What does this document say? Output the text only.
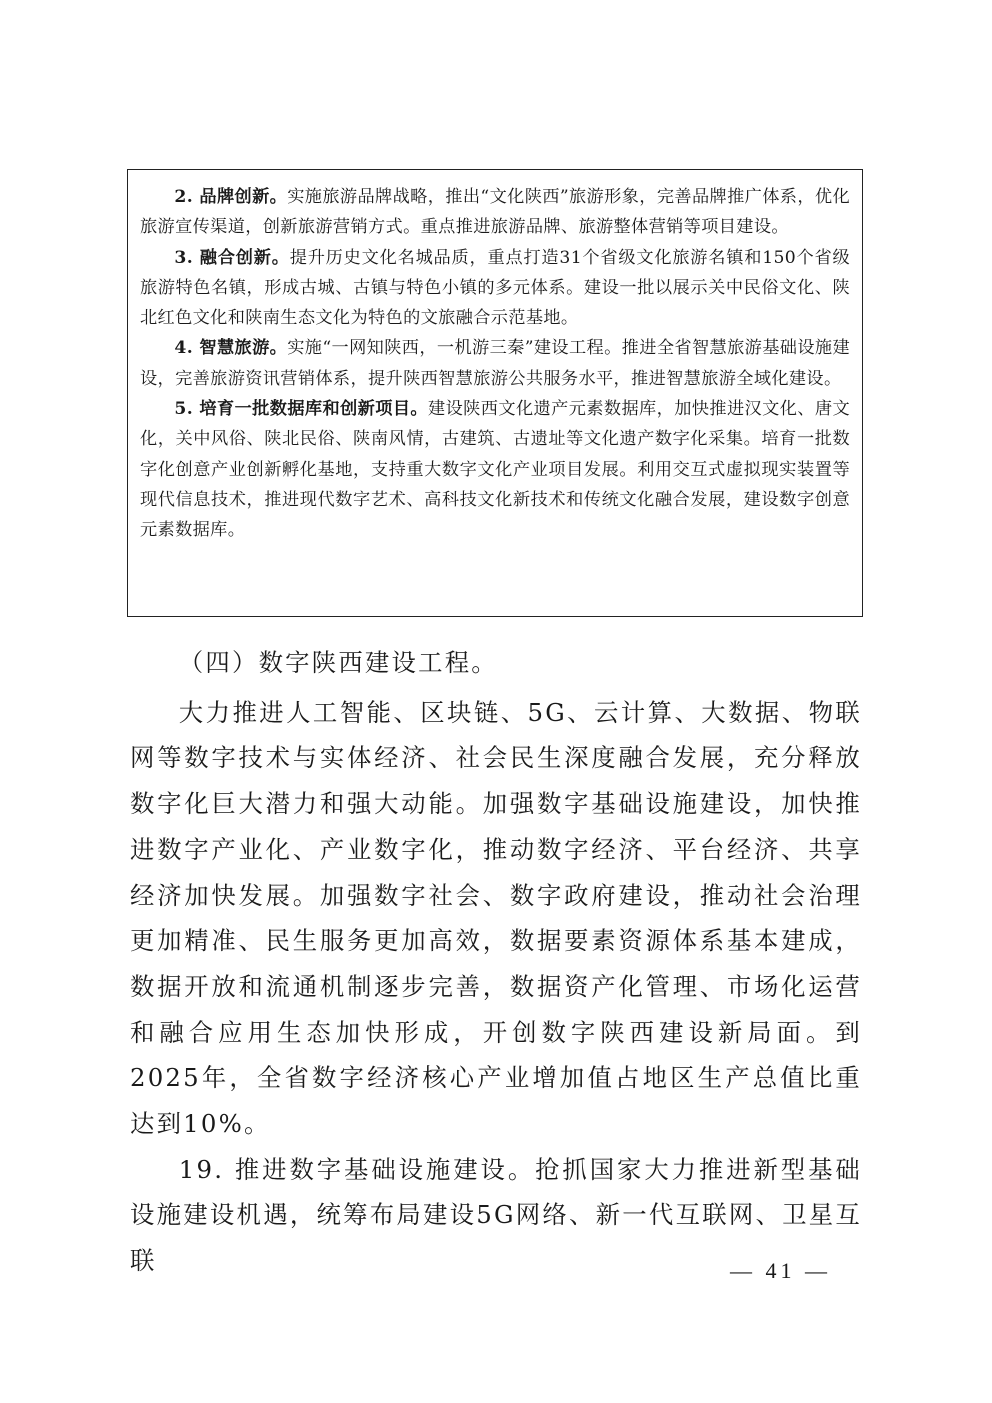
2. 品牌创新。实施旅游品牌战略，推出“文化陕西”旅游形象，完善品牌推广体系，优化旅游宣传渠道，创新旅游营销方式。重点推进旅游品牌、旅游整体营销等项目建设。

3. 融合创新。提升历史文化名城品质，重点打造31个省级文化旅游名镇和150个省级旅游特色名镇，形成古城、古镇与特色小镇的多元体系。建设一批以展示关中民俗文化、陕北红色文化和陕南生态文化为特色的文旅融合示范基地。

4. 智慧旅游。实施“一网知陕西，一机游三秦”建设工程。推进全省智慧旅游基础设施建设，完善旅游资讯营销体系，提升陕西智慧旅游公共服务水平，推进智慧旅游全域化建设。

5. 培育一批数据库和创新项目。建设陕西文化遗产元素数据库，加快推进汉文化、唐文化，关中风俗、陕北民俗、陕南风情，古建筑、古遗址等文化遗产数字化采集。培育一批数字化创意产业创新孵化基地，支持重大数字文化产业项目发展。利用交互式虚拟现实装置等现代信息技术，推进现代数字艺术、高科技文化新技术和传统文化融合发展，建设数字创意元素数据库。

（四）数字陕西建设工程。

大力推进人工智能、区块链、5G、云计算、大数据、物联网等数字技术与实体经济、社会民生深度融合发展，充分释放数字化巨大潜力和强大动能。加强数字基础设施建设，加快推进数字产业化、产业数字化，推动数字经济、平台经济、共享经济加快发展。加强数字社会、数字政府建设，推动社会治理更加精准、民生服务更加高效，数据要素资源体系基本建成，数据开放和流通机制逐步完善，数据资产化管理、市场化运营和融合应用生态加快形成，开创数字陕西建设新局面。到2025年，全省数字经济核心产业增加值占地区生产总值比重达到10%。

19. 推进数字基础设施建设。抢抓国家大力推进新型基础设施建设机遇，统筹布局建设5G网络、新一代互联网、卫星互联	— 41 —
